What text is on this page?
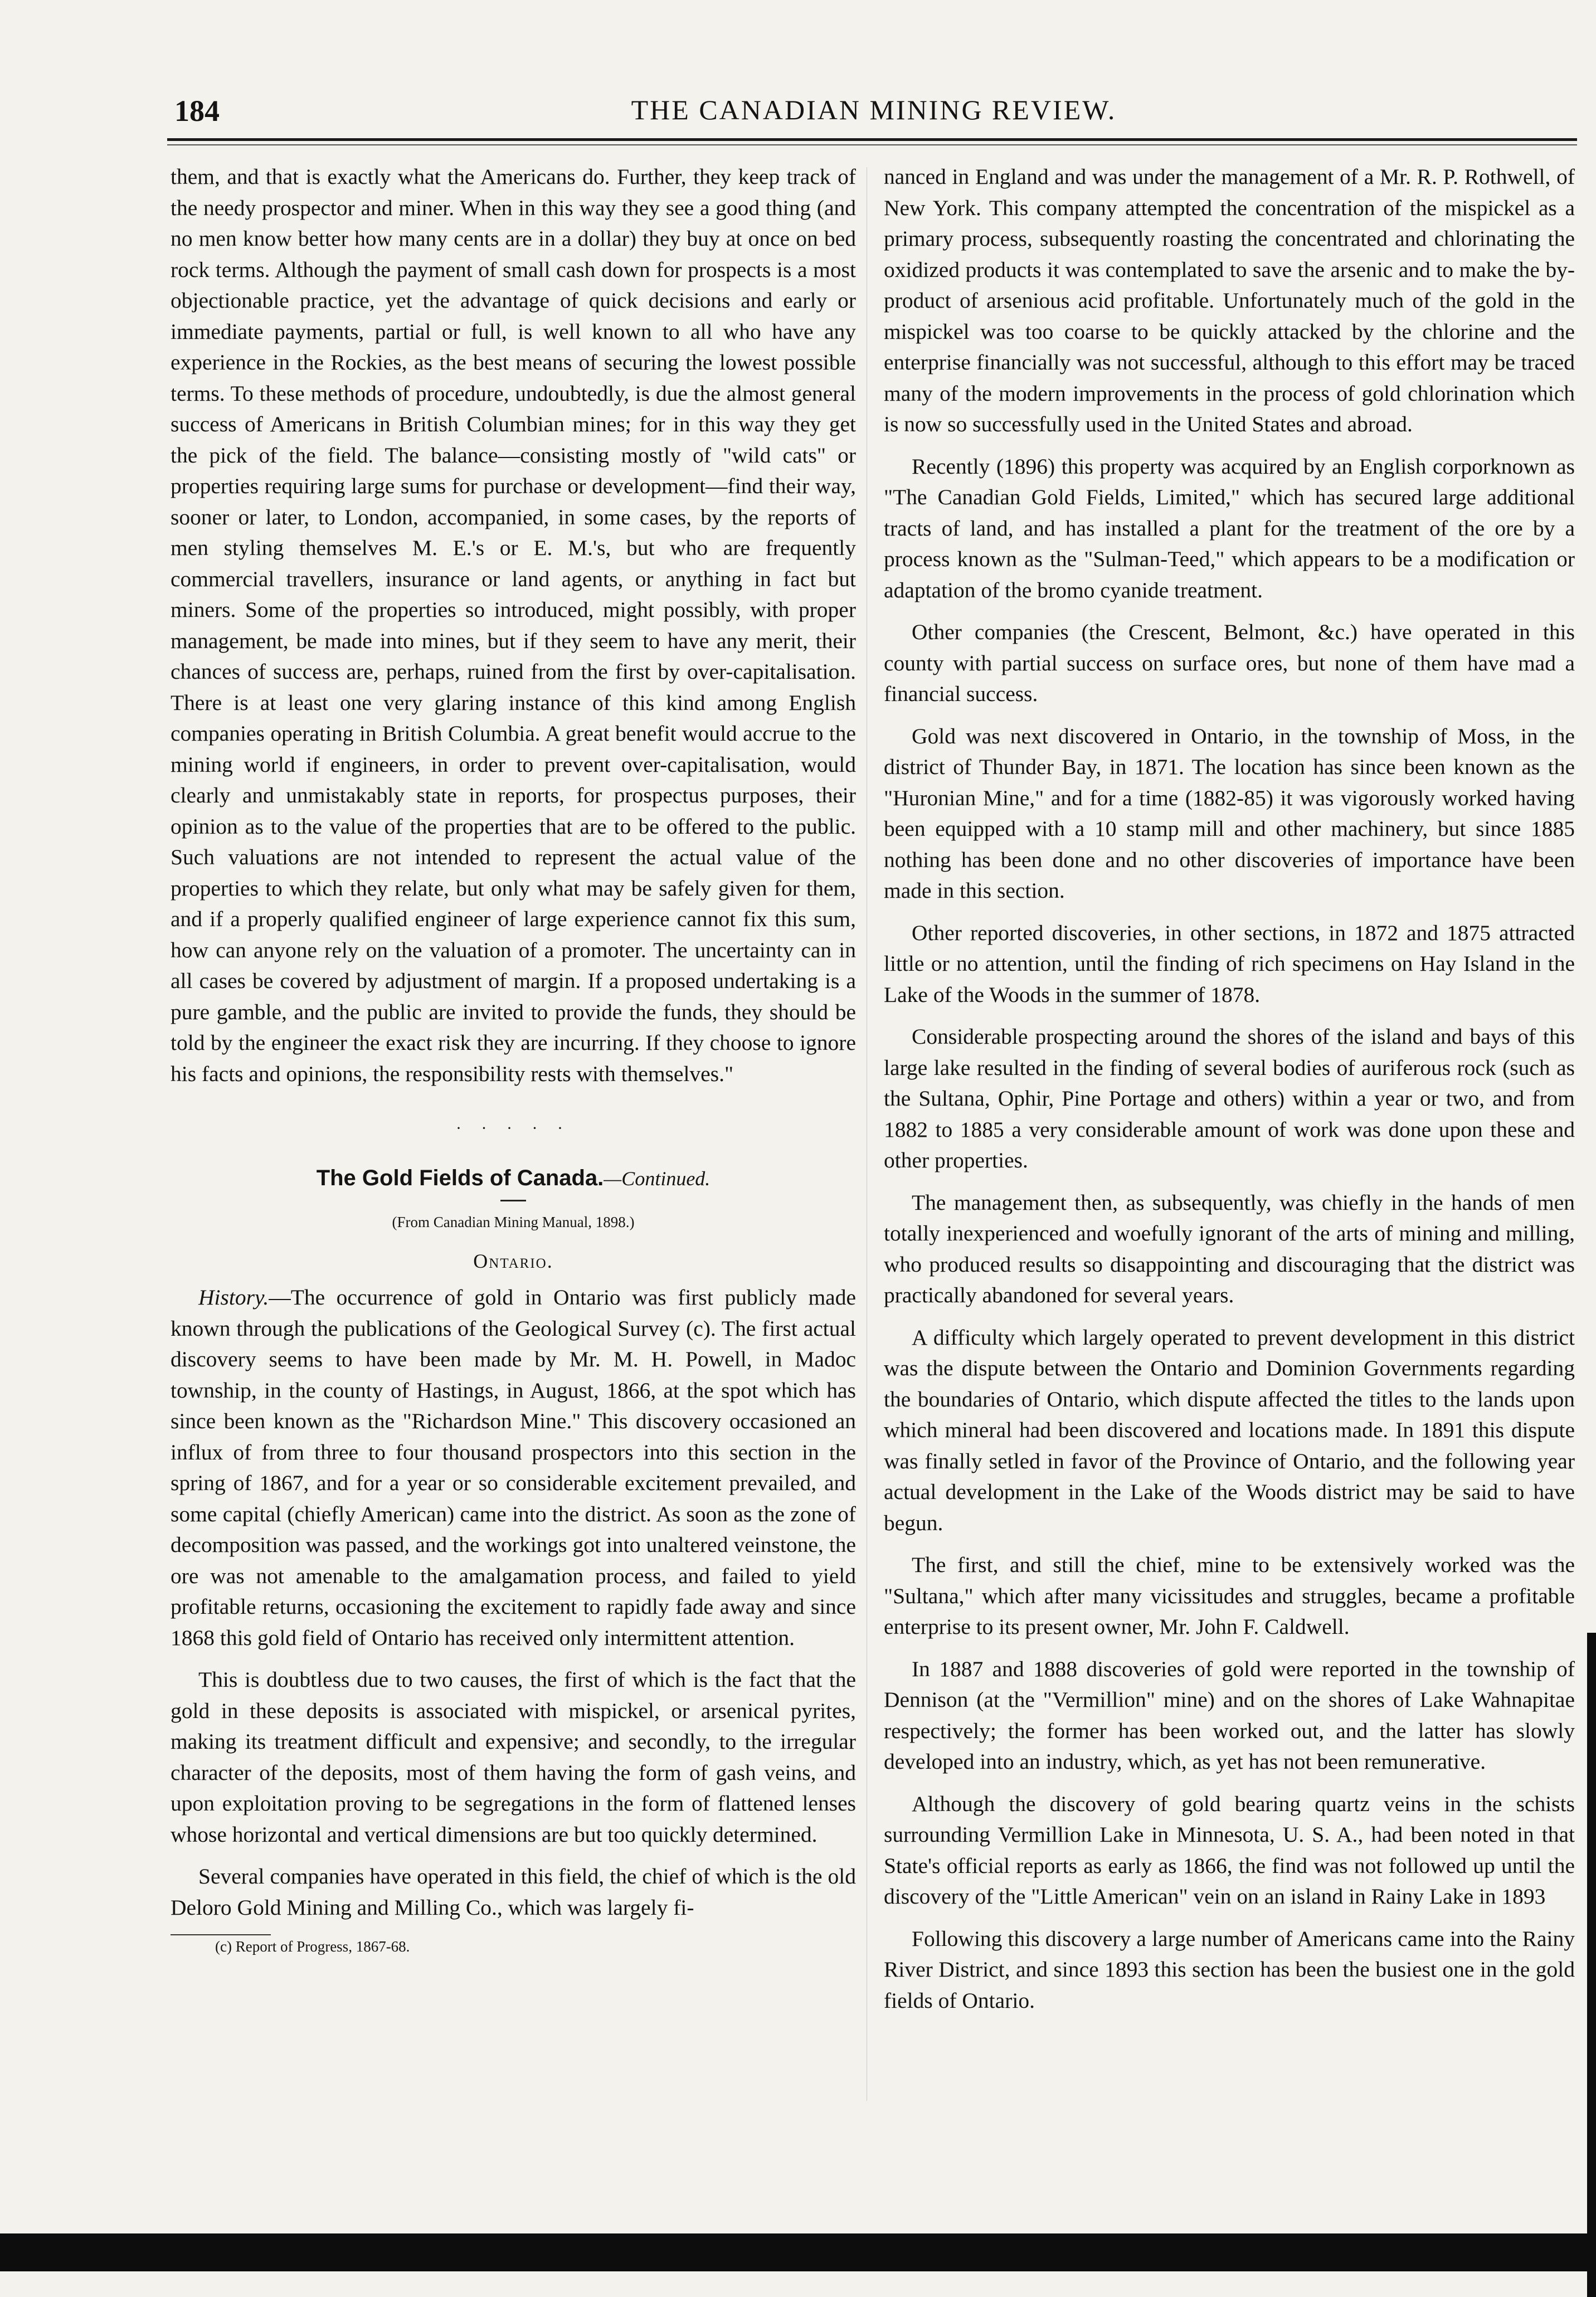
184	THE CANADIAN MINING REVIEW.

them, and that is exactly what the Americans do. Further, they keep track of the needy prospector and miner. When in this way they see a good thing (and no men know better how many cents are in a dollar) they buy at once on bed rock terms. Although the payment of small cash down for prospects is a most objectionable practice, yet the advantage of quick decisions and early or immediate payments, partial or full, is well known to all who have any experience in the Rockies, as the best means of securing the lowest possible terms. To these methods of procedure, undoubtedly, is due the almost general success of Americans in British Columbian mines; for in this way they get the pick of the field. The balance—consisting mostly of "wild cats" or properties requiring large sums for purchase or development—find their way, sooner or later, to London, accompanied, in some cases, by the reports of men styling themselves M. E.'s or E. M.'s, but who are frequently commercial travellers, insurance or land agents, or anything in fact but miners. Some of the properties so introduced, might possibly, with proper management, be made into mines, but if they seem to have any merit, their chances of success are, perhaps, ruined from the first by over-capitalisation. There is at least one very glaring instance of this kind among English companies operating in British Columbia. A great benefit would accrue to the mining world if engineers, in order to prevent over-capitalisation, would clearly and unmistakably state in reports, for prospectus purposes, their opinion as to the value of the properties that are to be offered to the public. Such valuations are not intended to represent the actual value of the properties to which they relate, but only what may be safely given for them, and if a properly qualified engineer of large experience cannot fix this sum, how can anyone rely on the valuation of a promoter. The uncertainty can in all cases be covered by adjustment of margin. If a proposed undertaking is a pure gamble, and the public are invited to provide the funds, they should be told by the engineer the exact risk they are incurring. If they choose to ignore his facts and opinions, the responsibility rests with themselves."

· · · · ·
The Gold Fields of Canada.—Continued.
(From Canadian Mining Manual, 1898.)
Ontario.

History.—The occurrence of gold in Ontario was first publicly made known through the publications of the Geological Survey (c). The first actual discovery seems to have been made by Mr. M. H. Powell, in Madoc township, in the county of Hastings, in August, 1866, at the spot which has since been known as the "Richardson Mine." This discovery occasioned an influx of from three to four thousand prospectors into this section in the spring of 1867, and for a year or so considerable excitement prevailed, and some capital (chiefly American) came into the district. As soon as the zone of decomposition was passed, and the workings got into unaltered veinstone, the ore was not amenable to the amalgamation process, and failed to yield profitable returns, occasioning the excitement to rapidly fade away and since 1868 this gold field of Ontario has received only intermittent attention.

This is doubtless due to two causes, the first of which is the fact that the gold in these deposits is associated with mispickel, or arsenical pyrites, making its treatment difficult and expensive; and secondly, to the irregular character of the deposits, most of them having the form of gash veins, and upon exploitation proving to be segregations in the form of flattened lenses whose horizontal and vertical dimensions are but too quickly determined.

Several companies have operated in this field, the chief of which is the old Deloro Gold Mining and Milling Co., which was largely fi-

(c) Report of Progress, 1867-68.

nanced in England and was under the management of a Mr. R. P. Rothwell, of New York. This company attempted the concentration of the mispickel as a primary process, subsequently roasting the concentrated and chlorinating the oxidized products it was contemplated to save the arsenic and to make the by-product of arsenious acid profitable. Unfortunately much of the gold in the mispickel was too coarse to be quickly attacked by the chlorine and the enterprise financially was not successful, although to this effort may be traced many of the modern improvements in the process of gold chlorination which is now so successfully used in the United States and abroad.

Recently (1896) this property was acquired by an English corporknown as "The Canadian Gold Fields, Limited," which has secured large additional tracts of land, and has installed a plant for the treatment of the ore by a process known as the "Sulman-Teed," which appears to be a modification or adaptation of the bromo cyanide treatment.

Other companies (the Crescent, Belmont, &c.) have operated in this county with partial success on surface ores, but none of them have mad a financial success.

Gold was next discovered in Ontario, in the township of Moss, in the district of Thunder Bay, in 1871. The location has since been known as the "Huronian Mine," and for a time (1882-85) it was vigorously worked having been equipped with a 10 stamp mill and other machinery, but since 1885 nothing has been done and no other discoveries of importance have been made in this section.

Other reported discoveries, in other sections, in 1872 and 1875 attracted little or no attention, until the finding of rich specimens on Hay Island in the Lake of the Woods in the summer of 1878.

Considerable prospecting around the shores of the island and bays of this large lake resulted in the finding of several bodies of auriferous rock (such as the Sultana, Ophir, Pine Portage and others) within a year or two, and from 1882 to 1885 a very considerable amount of work was done upon these and other properties.

The management then, as subsequently, was chiefly in the hands of men totally inexperienced and woefully ignorant of the arts of mining and milling, who produced results so disappointing and discouraging that the district was practically abandoned for several years.

A difficulty which largely operated to prevent development in this district was the dispute between the Ontario and Dominion Governments regarding the boundaries of Ontario, which dispute affected the titles to the lands upon which mineral had been discovered and locations made. In 1891 this dispute was finally setled in favor of the Province of Ontario, and the following year actual development in the Lake of the Woods district may be said to have begun.

The first, and still the chief, mine to be extensively worked was the "Sultana," which after many vicissitudes and struggles, became a profitable enterprise to its present owner, Mr. John F. Caldwell.

In 1887 and 1888 discoveries of gold were reported in the township of Dennison (at the "Vermillion" mine) and on the shores of Lake Wahnapitae respectively; the former has been worked out, and the latter has slowly developed into an industry, which, as yet has not been remunerative.

Although the discovery of gold bearing quartz veins in the schists surrounding Vermillion Lake in Minnesota, U. S. A., had been noted in that State's official reports as early as 1866, the find was not followed up until the discovery of the "Little American" vein on an island in Rainy Lake in 1893

Following this discovery a large number of Americans came into the Rainy River District, and since 1893 this section has been the busiest one in the gold fields of Ontario.
